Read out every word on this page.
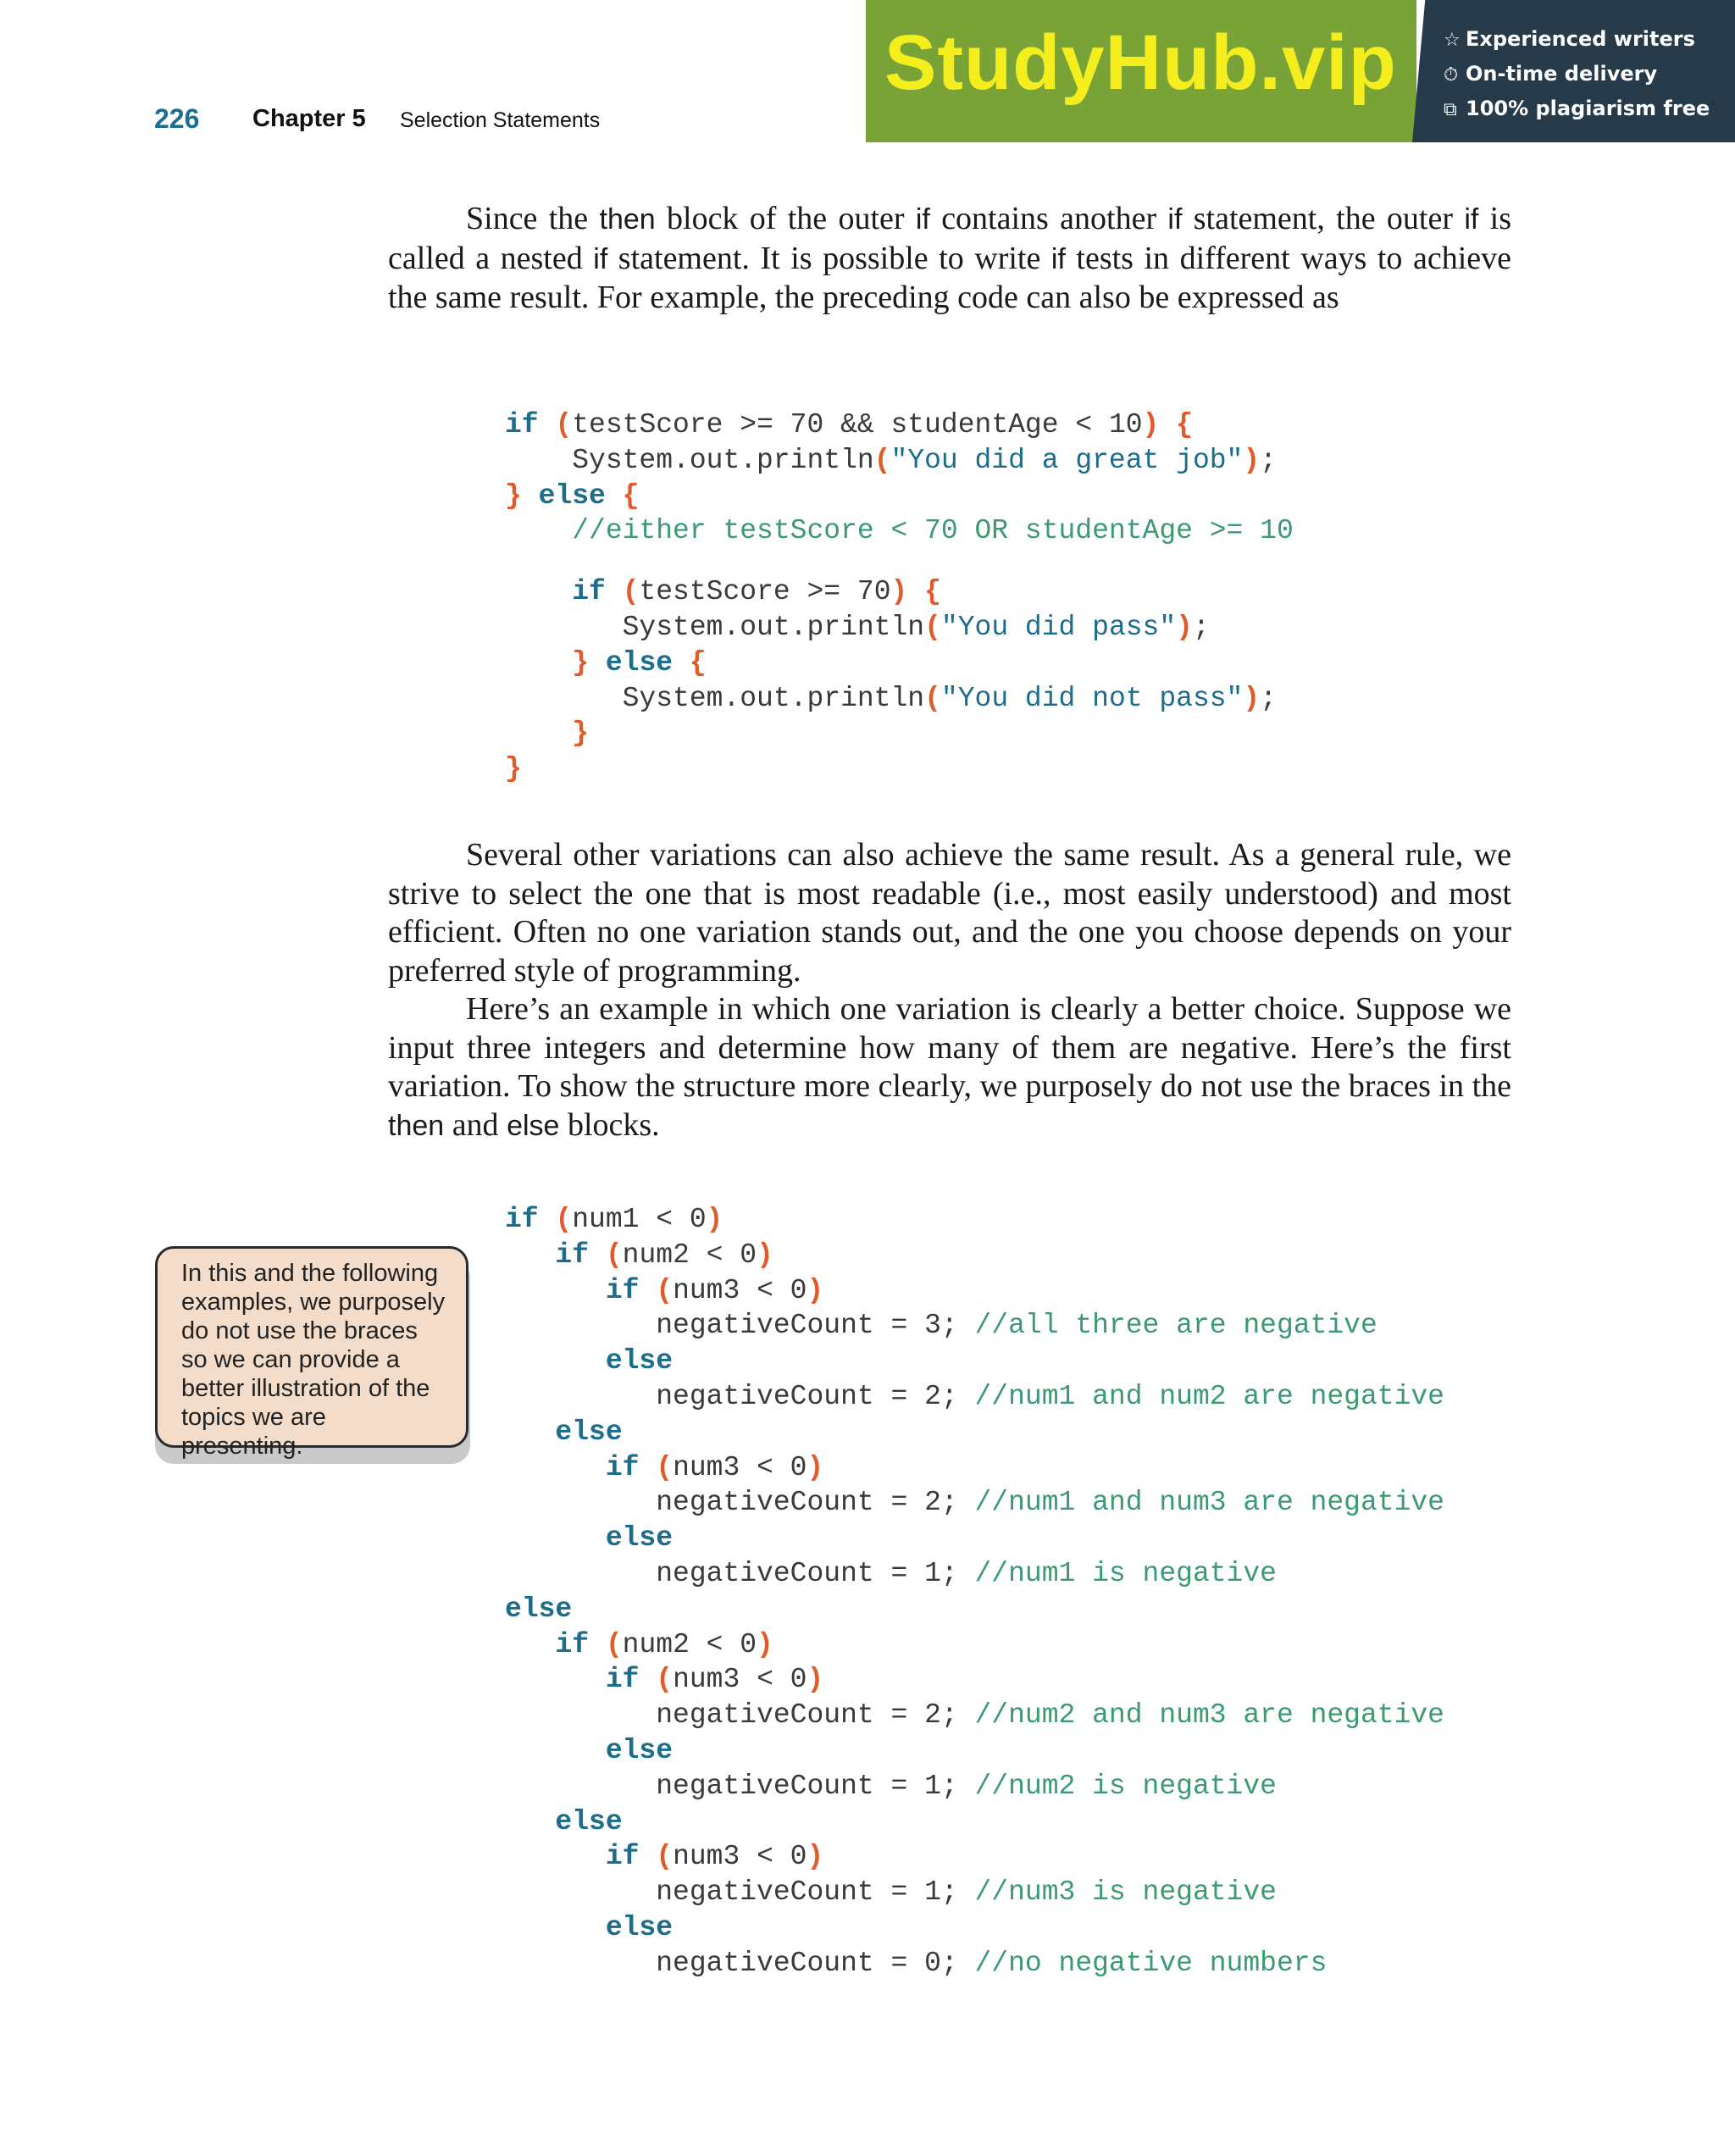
226 Chapter 5 Selection Statements
StudyHub.vip	☆ Experienced writers
⏱ On-time delivery
⧉ 100% plagiarism free

Since the then block of the outer if contains another if statement, the outer if is called a nested if statement. It is possible to write if tests in different ways to achieve the same result. For example, the preceding code can also be expressed as

if (testScore >= 70 && studentAge < 10) {
System.out.println("You did a great job");
} else {
//either testScore < 70 OR studentAge >= 10
if (testScore >= 70) {
System.out.println("You did pass");
} else {
System.out.println("You did not pass");
}
}

Several other variations can also achieve the same result. As a general rule, we strive to select the one that is most readable (i.e., most easily understood) and most efficient. Often no one variation stands out, and the one you choose depends on your preferred style of programming.

Here’s an example in which one variation is clearly a better choice. Suppose we input three integers and determine how many of them are negative. Here’s the first variation. To show the structure more clearly, we purposely do not use the braces in the then and else blocks.

In this and the following examples, we purposely do not use the braces so we can provide a better illustration of the topics we are presenting.
if (num1 < 0)
if (num2 < 0)
if (num3 < 0)
negativeCount = 3; //all three are negative
else
negativeCount = 2; //num1 and num2 are negative
else
if (num3 < 0)
negativeCount = 2; //num1 and num3 are negative
else
negativeCount = 1; //num1 is negative
else
if (num2 < 0)
if (num3 < 0)
negativeCount = 2; //num2 and num3 are negative
else
negativeCount = 1; //num2 is negative
else
if (num3 < 0)
negativeCount = 1; //num3 is negative
else
negativeCount = 0; //no negative numbers
